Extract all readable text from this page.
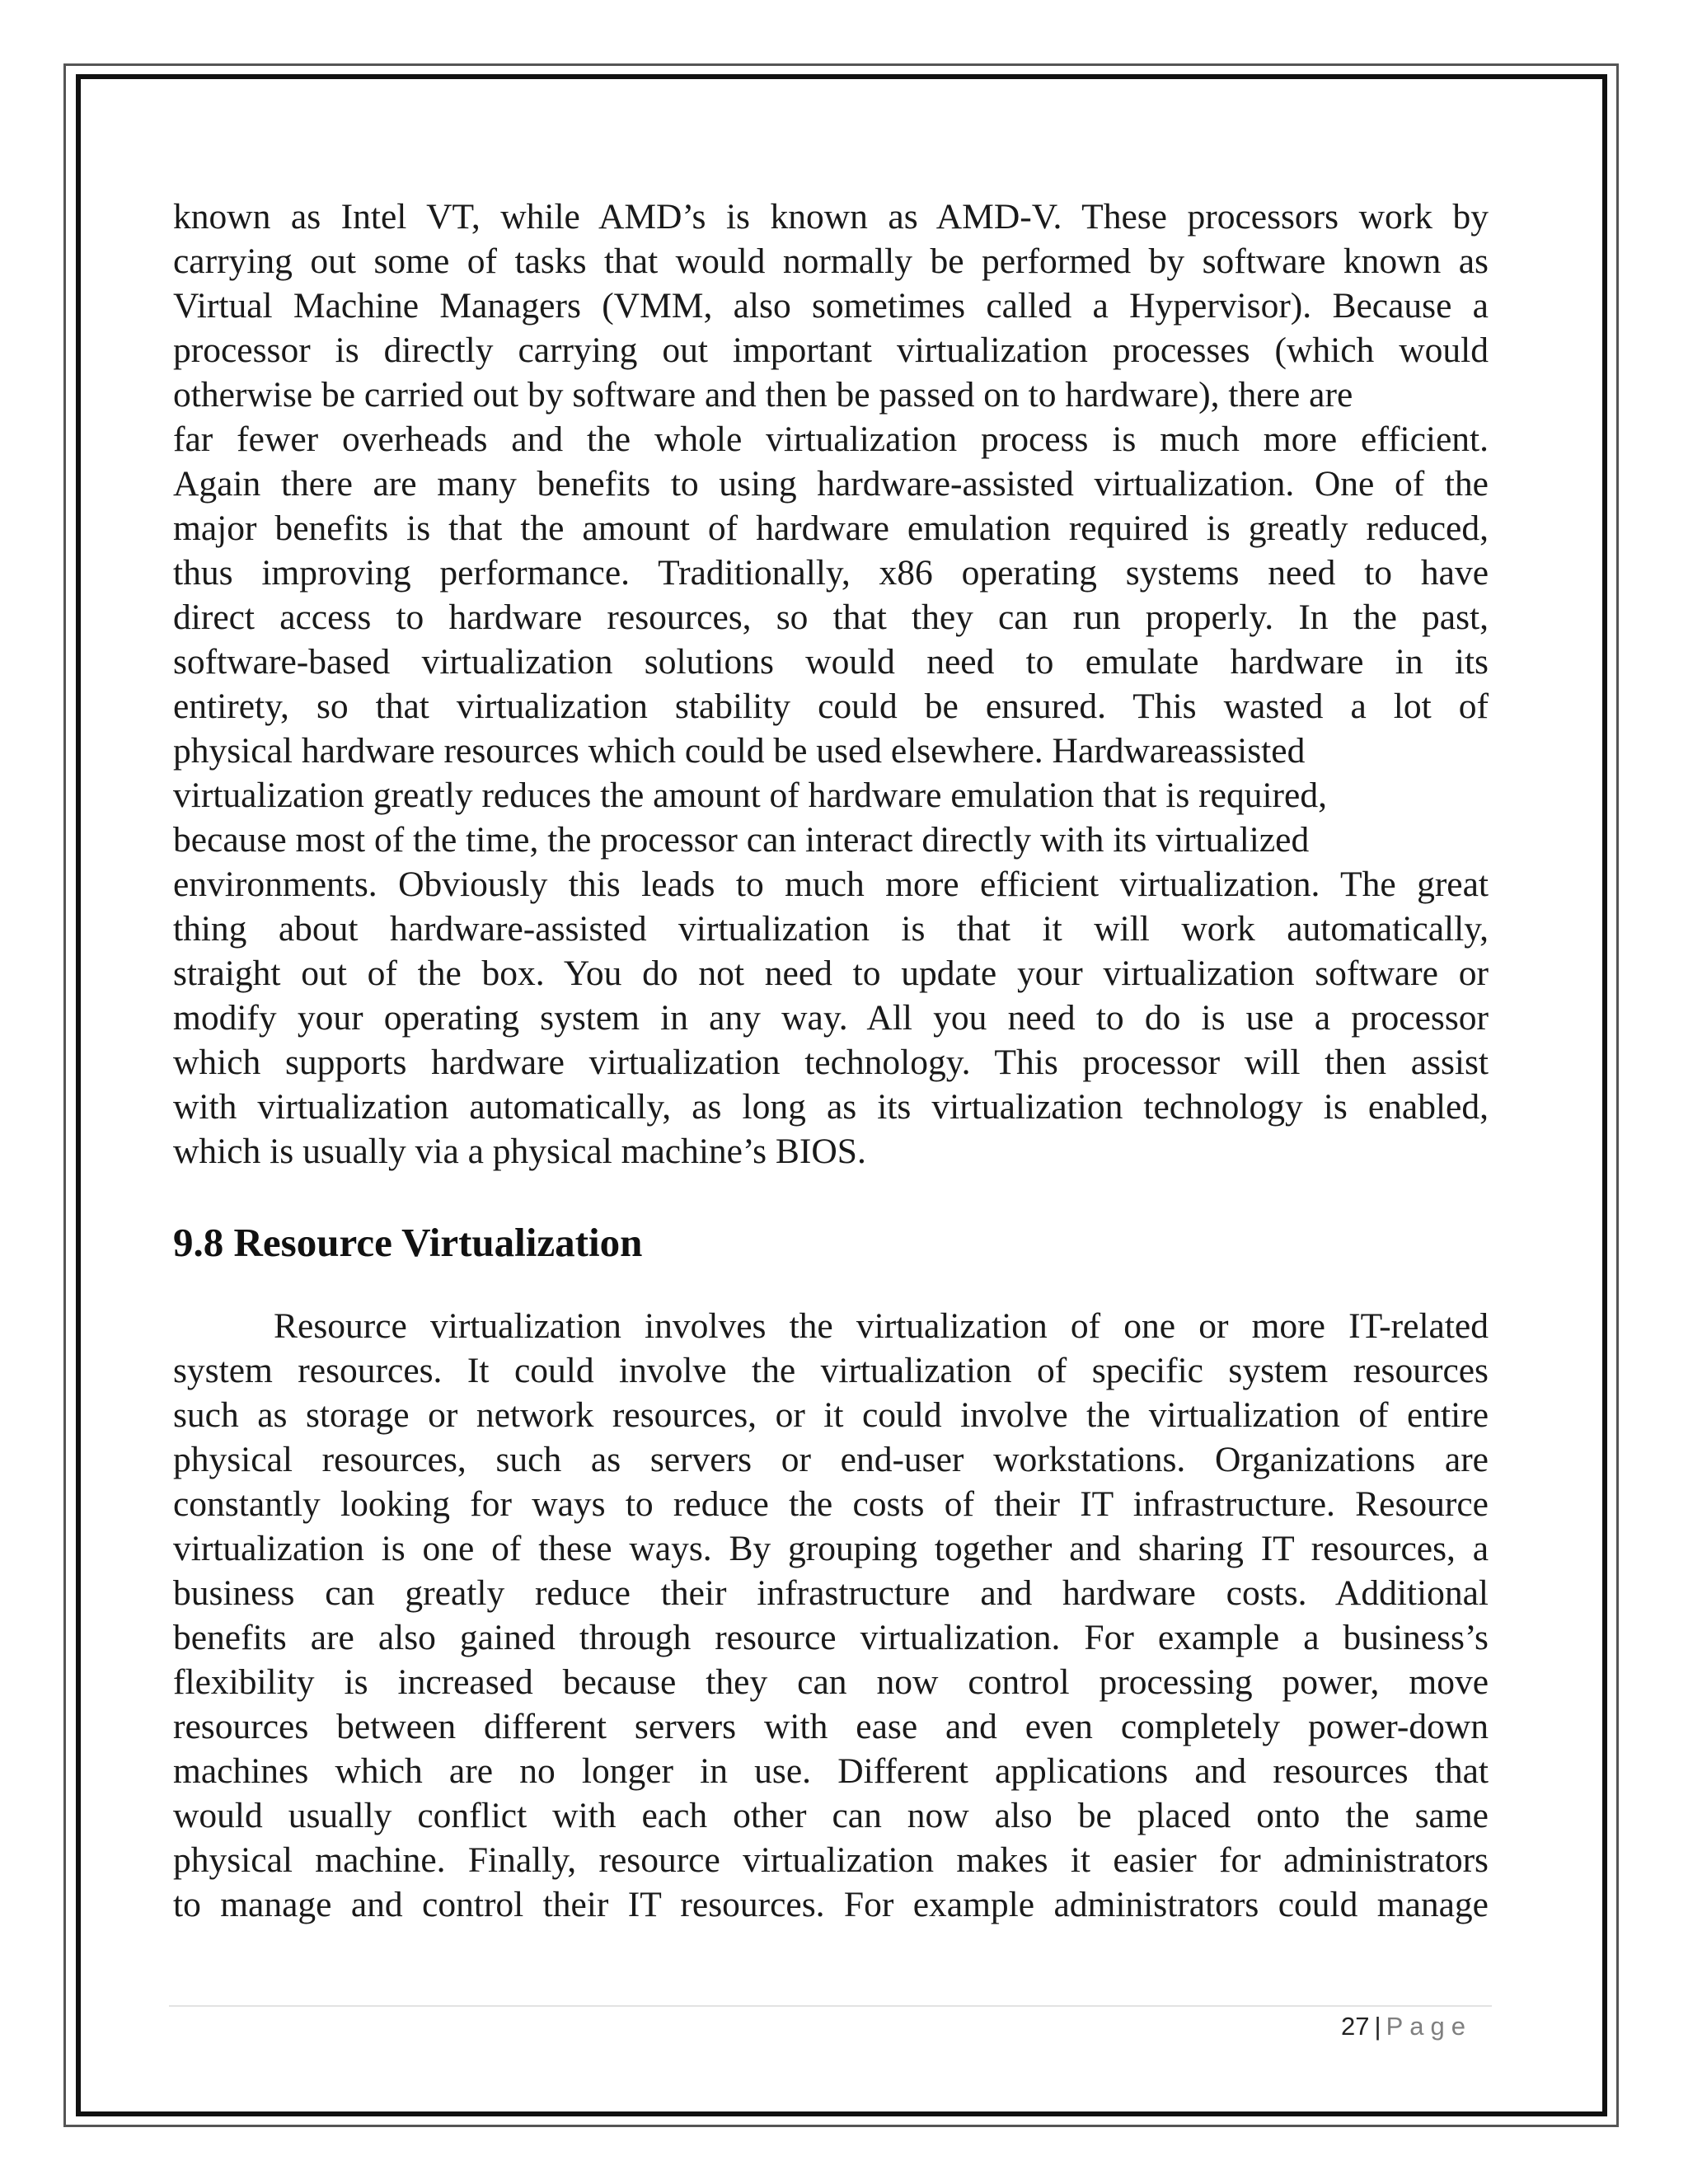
known as Intel VT, while AMD’s is known as AMD-V. These processors work by
carrying out some of tasks that would normally be performed by software known as
Virtual Machine Managers (VMM, also sometimes called a Hypervisor). Because a
processor is directly carrying out important virtualization processes (which would
otherwise be carried out by software and then be passed on to hardware), there are
far fewer overheads and the whole virtualization process is much more efficient.
Again there are many benefits to using hardware-assisted virtualization. One of the
major benefits is that the amount of hardware emulation required is greatly reduced,
thus improving performance. Traditionally, x86 operating systems need to have
direct access to hardware resources, so that they can run properly. In the past,
software-based virtualization solutions would need to emulate hardware in its
entirety, so that virtualization stability could be ensured. This wasted a lot of
physical hardware resources which could be used elsewhere. Hardwareassisted
virtualization greatly reduces the amount of hardware emulation that is required,
because most of the time, the processor can interact directly with its virtualized
environments. Obviously this leads to much more efficient virtualization. The great
thing about hardware-assisted virtualization is that it will work automatically,
straight out of the box. You do not need to update your virtualization software or
modify your operating system in any way. All you need to do is use a processor
which supports hardware virtualization technology. This processor will then assist
with virtualization automatically, as long as its virtualization technology is enabled,
which is usually via a physical machine’s BIOS.
9.8 Resource Virtualization
Resource virtualization involves the virtualization of one or more IT-related
system resources. It could involve the virtualization of specific system resources
such as storage or network resources, or it could involve the virtualization of entire
physical resources, such as servers or end-user workstations. Organizations are
constantly looking for ways to reduce the costs of their IT infrastructure. Resource
virtualization is one of these ways. By grouping together and sharing IT resources, a
business can greatly reduce their infrastructure and hardware costs. Additional
benefits are also gained through resource virtualization. For example a business’s
flexibility is increased because they can now control processing power, move
resources between different servers with ease and even completely power-down
machines which are no longer in use. Different applications and resources that
would usually conflict with each other can now also be placed onto the same
physical machine. Finally, resource virtualization makes it easier for administrators
to manage and control their IT resources. For example administrators could manage
27 | Page
